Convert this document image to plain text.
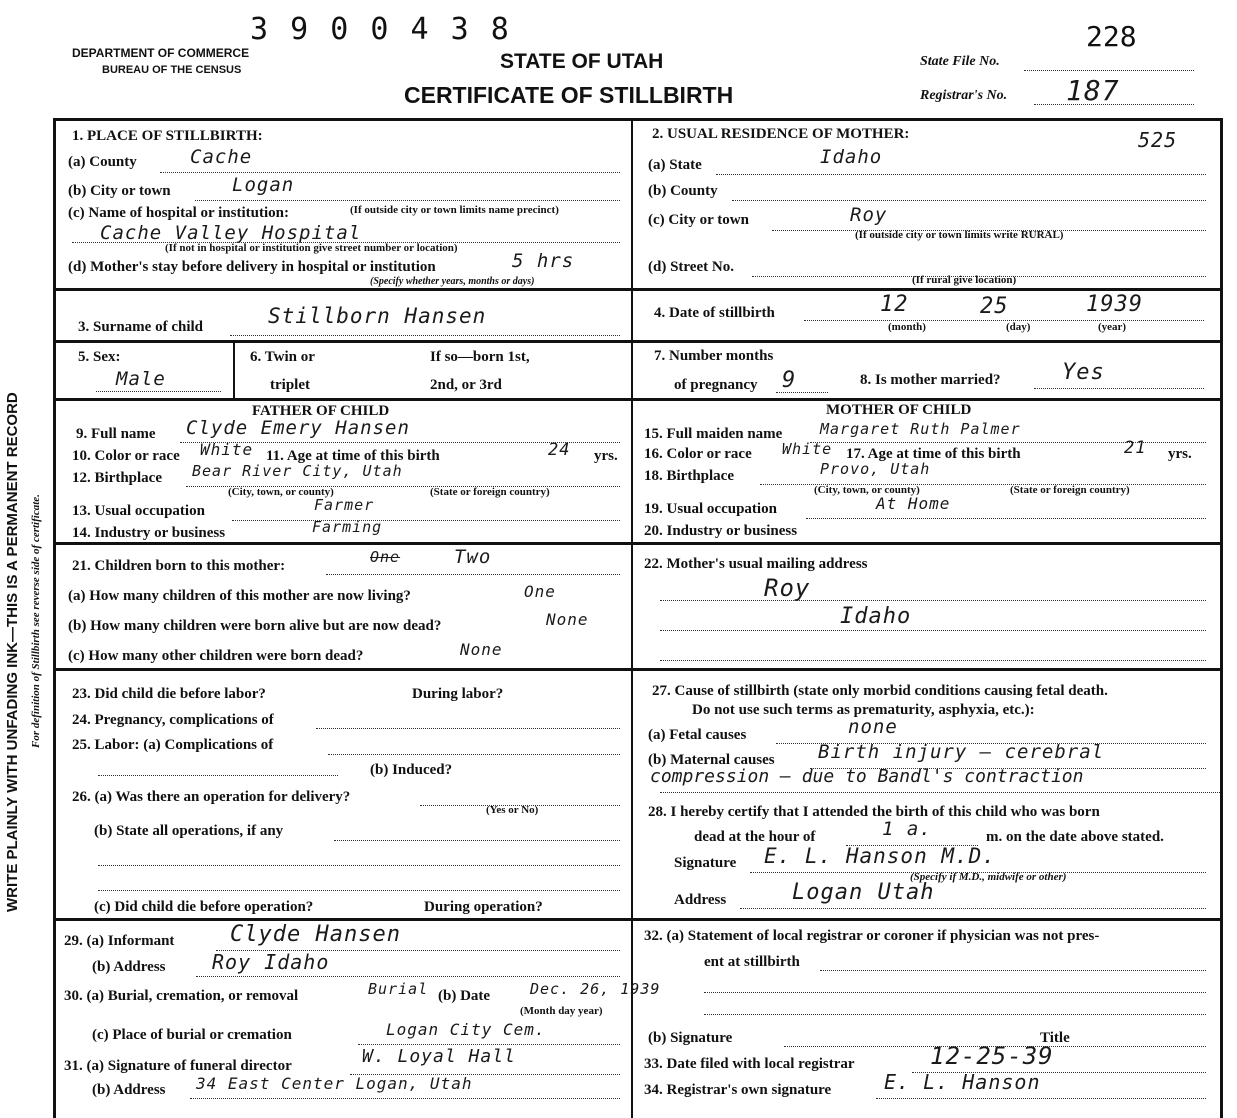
WRITE PLAINLY WITH UNFADING INK—THIS IS A PERMANENT RECORD For definition of Stillbirth see reverse side of certificate.
3 9 0 0 4 3 8
DEPARTMENT OF COMMERCE
BUREAU OF THE CENSUS	STATE OF UTAH
CERTIFICATE OF STILLBIRTH
State File No.
228
Registrar's No. 187
1. PLACE OF STILLBIRTH:
(a) County	Cache
(b) City or town	Logan
(c) Name of hospital or institution:	(If outside city or town limits name precinct)
Cache Valley Hospital
(If not in hospital or institution give street number or location)
(d) Mother's stay before delivery in hospital or institution	5 hrs
(Specify whether years, months or days)
2. USUAL RESIDENCE OF MOTHER:	525
(a) State	Idaho
(b) County
(c) City or town	Roy
(If outside city or town limits write RURAL)
(d) Street No.
(If rural give location)
3. Surname of child	Stillborn Hansen	4. Date of stillbirth	12	25	1939
(month)	(day)	(year)
5. Sex:
Male
6. Twin or
triplet
If so—born 1st,
2nd, or 3rd
7. Number months
of pregnancy 9	8. Is mother married?	Yes
FATHER OF CHILD
9. Full name Clyde Emery Hansen
10. Color or race White 11. Age at time of this birth	24 yrs.
12. Birthplace Bear River City, Utah
(City, town, or county)	(State or foreign country)
13. Usual occupation	Farmer
14. Industry or business	Farming
MOTHER OF CHILD
15. Full maiden name	Margaret Ruth Palmer
16. Color or race White 17. Age at time of this birth	21 yrs.
18. Birthplace	Provo, Utah
(City, town, or county)	(State or foreign country)
19. Usual occupation	At Home
20. Industry or business
21. Children born to this mother:	One	Two
(a) How many children of this mother are now living?	One
(b) How many children were born alive but are now dead?	None
(c) How many other children were born dead?	None
22. Mother's usual mailing address
Roy
Idaho
23. Did child die before labor?	During labor?
24. Pregnancy, complications of
25. Labor: (a) Complications of
(b) Induced?
26. (a) Was there an operation for delivery?
(Yes or No)
(b) State all operations, if any
(c) Did child die before operation?	During operation?
27. Cause of stillbirth (state only morbid conditions causing fetal death.
Do not use such terms as prematurity, asphyxia, etc.):
(a) Fetal causes	none
(b) Maternal causes Birth injury — cerebral
compression — due to Bandl's contraction
28. I hereby certify that I attended the birth of this child who was born
dead at the hour of	1 a.	m. on the date above stated.
Signature E. L. Hanson M.D.
(Specify if M.D., midwife or other)
Address	Logan Utah
29. (a) Informant	Clyde Hansen
(b) Address Roy Idaho
30. (a) Burial, cremation, or removal	Burial (b) Date	Dec. 26, 1939
(Month day year)
(c) Place of burial or cremation	Logan City Cem.
31. (a) Signature of funeral director	W. Loyal Hall
(b) Address 34 East Center Logan, Utah
32. (a) Statement of local registrar or coroner if physician was not pres-
ent at stillbirth
(b) Signature	Title
33. Date filed with local registrar	12-25-39
34. Registrar's own signature	E. L. Hanson
